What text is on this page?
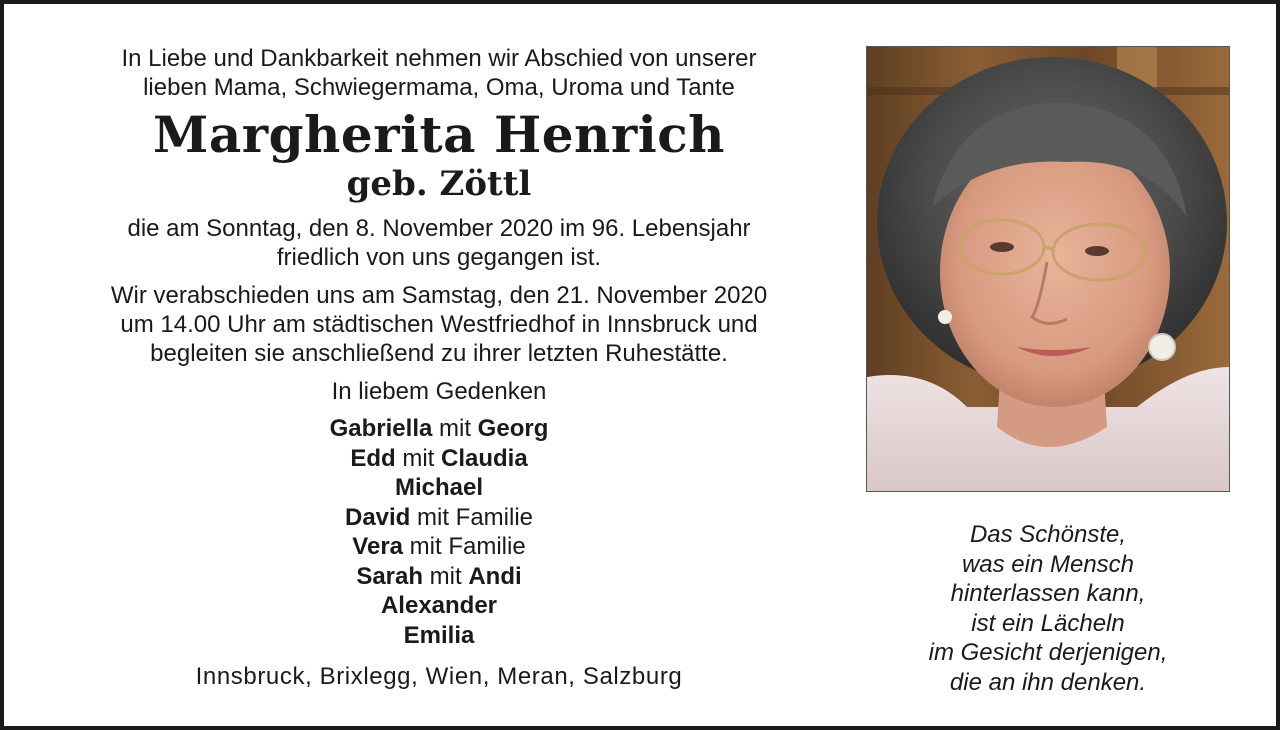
In Liebe und Dankbarkeit nehmen wir Abschied von unserer
lieben Mama, Schwiegermama, Oma, Uroma und Tante
Margherita Henrich
geb. Zöttl
die am Sonntag, den 8. November 2020 im 96. Lebensjahr
friedlich von uns gegangen ist.
Wir verabschieden uns am Samstag, den 21. November 2020
um 14.00 Uhr am städtischen Westfriedhof in Innsbruck und
begleiten sie anschließend zu ihrer letzten Ruhestätte.
In liebem Gedenken
Gabriella mit Georg
Edd mit Claudia
Michael
David mit Familie
Vera mit Familie
Sarah mit Andi
Alexander
Emilia
Innsbruck, Brixlegg, Wien, Meran, Salzburg
Das Schönste,
was ein Mensch
hinterlassen kann,
ist ein Lächeln
im Gesicht derjenigen,
die an ihn denken.
